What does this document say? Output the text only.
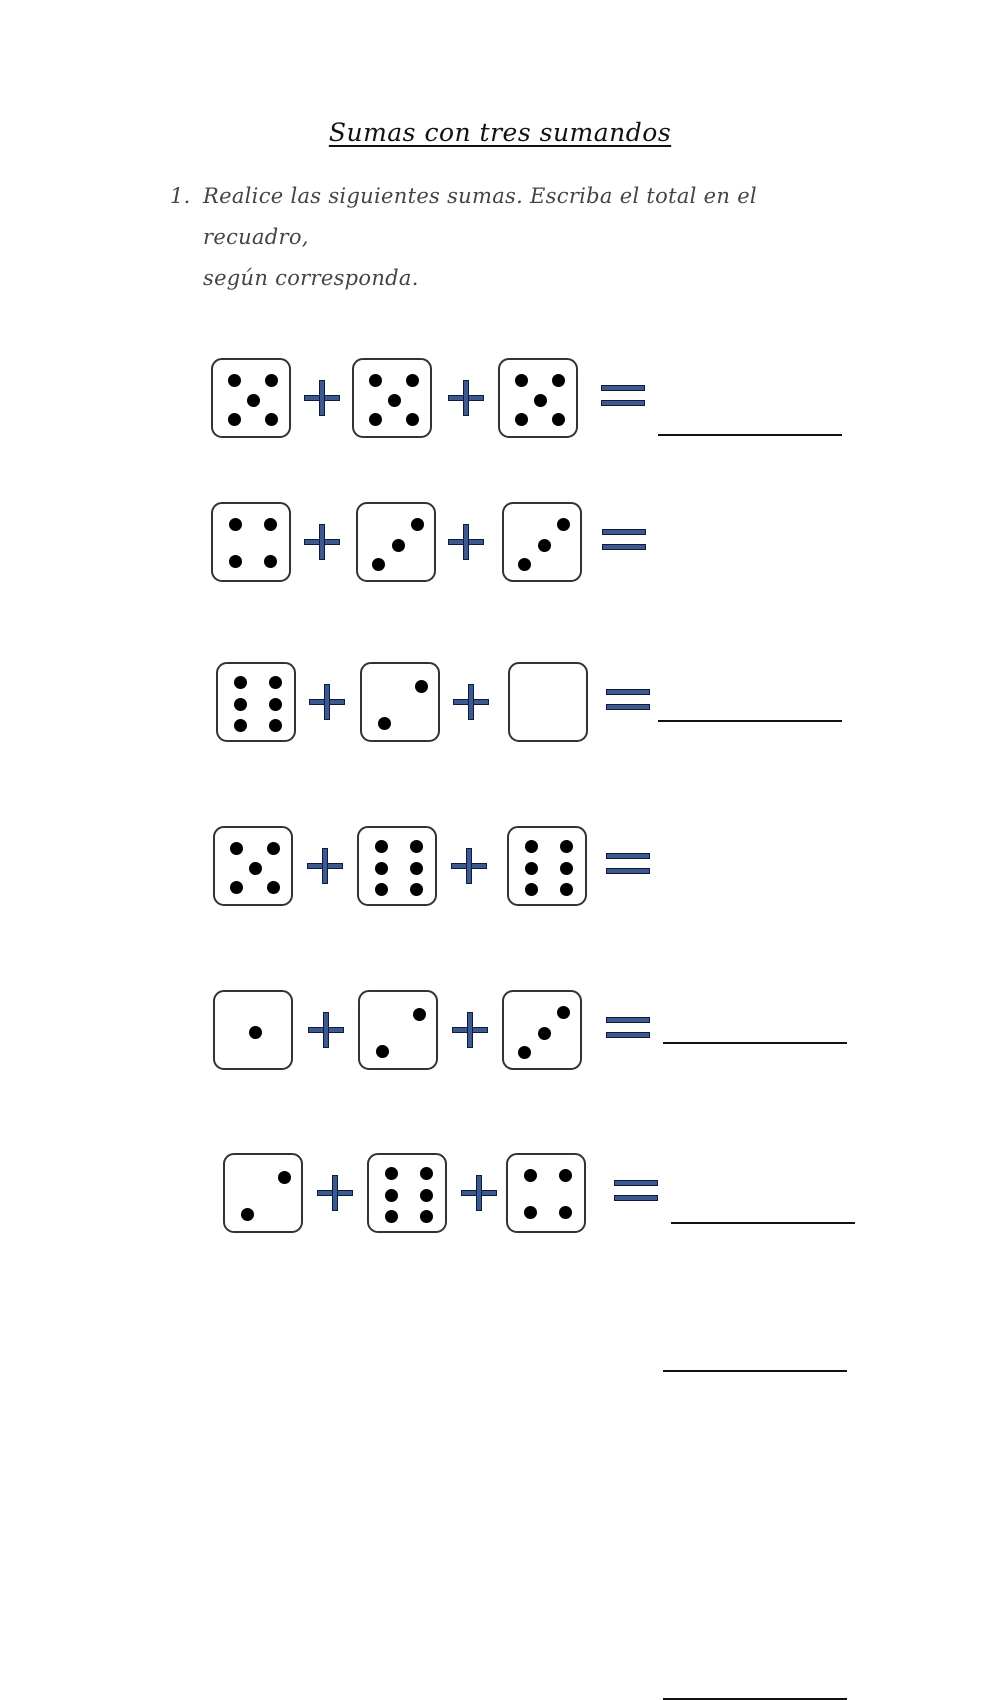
Sumas con tres sumandos
1. Realice las siguientes sumas. Escriba el total en el recuadro,
según corresponda.
